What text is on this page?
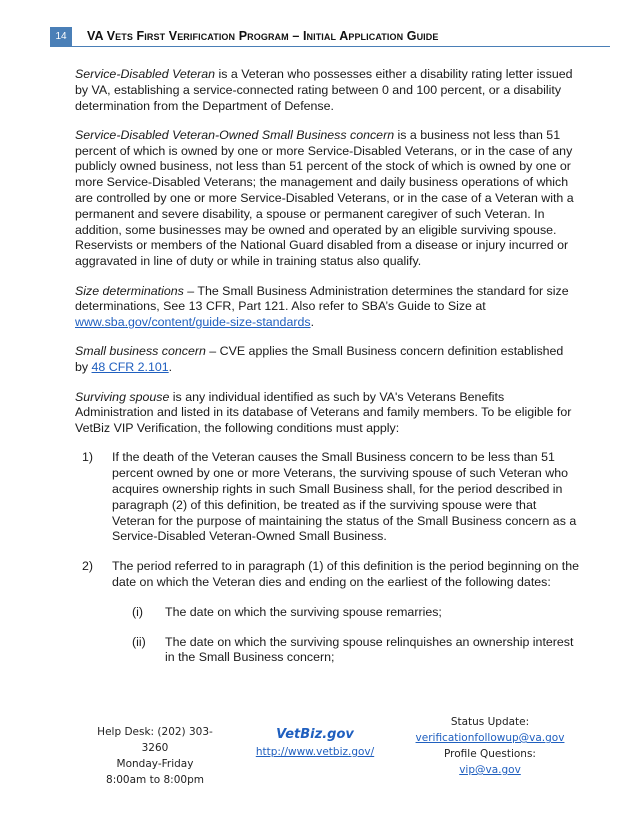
14	VA Vets First Verification Program – Initial Application Guide

Service-Disabled Veteran is a Veteran who possesses either a disability rating letter issued by VA, establishing a service-connected rating between 0 and 100 percent, or a disability determination from the Department of Defense.

Service-Disabled Veteran-Owned Small Business concern is a business not less than 51 percent of which is owned by one or more Service-Disabled Veterans, or in the case of any publicly owned business, not less than 51 percent of the stock of which is owned by one or more Service-Disabled Veterans; the management and daily business operations of which are controlled by one or more Service-Disabled Veterans, or in the case of a Veteran with a permanent and severe disability, a spouse or permanent caregiver of such Veteran. In addition, some businesses may be owned and operated by an eligible surviving spouse. Reservists or members of the National Guard disabled from a disease or injury incurred or aggravated in line of duty or while in training status also qualify.

Size determinations – The Small Business Administration determines the standard for size determinations, See 13 CFR, Part 121. Also refer to SBA’s Guide to Size at www.sba.gov/content/guide-size-standards.

Small business concern – CVE applies the Small Business concern definition established by 48 CFR 2.101.

Surviving spouse is any individual identified as such by VA's Veterans Benefits Administration and listed in its database of Veterans and family members. To be eligible for VetBiz VIP Verification, the following conditions must apply:

1) If the death of the Veteran causes the Small Business concern to be less than 51 percent owned by one or more Veterans, the surviving spouse of such Veteran who acquires ownership rights in such Small Business shall, for the period described in paragraph (2) of this definition, be treated as if the surviving spouse were that Veteran for the purpose of maintaining the status of the Small Business concern as a Service-Disabled Veteran-Owned Small Business.
2) The period referred to in paragraph (1) of this definition is the period beginning on the date on which the Veteran dies and ending on the earliest of the following dates:
(i) The date on which the surviving spouse remarries;
(ii) The date on which the surviving spouse relinquishes an ownership interest in the Small Business concern;
Help Desk: (202) 303-3260
Monday-Friday
8:00am to 8:00pm
VetBiz.gov
http://www.vetbiz.gov/
Status Update:
verificationfollowup@va.gov
Profile Questions:
vip@va.gov
